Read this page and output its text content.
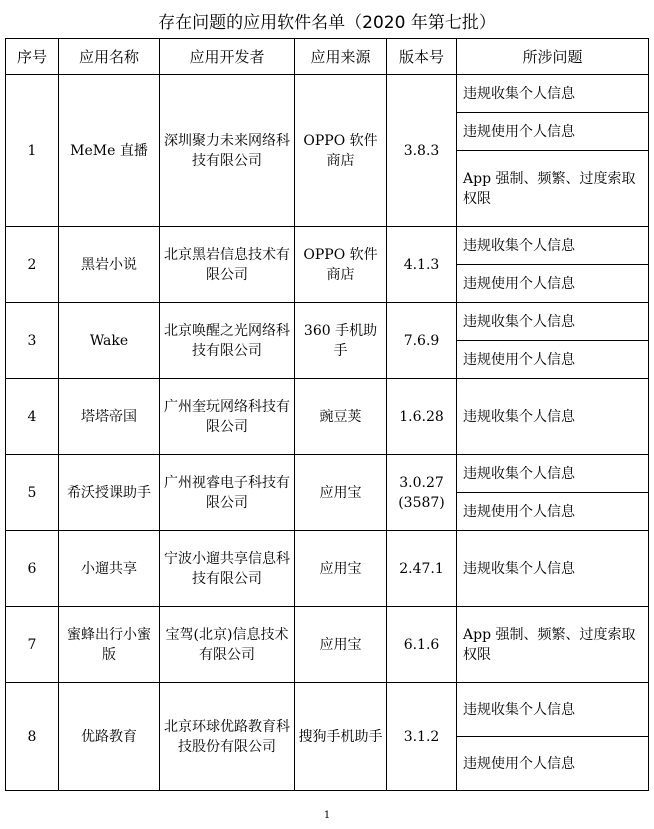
存在问题的应用软件名单（2020 年第七批）
序号	应用名称	应用开发者	应用来源	版本号	所涉问题
1	MeMe 直播	深圳聚力未来网络科技有限公司	OPPO 软件商店	3.8.3	违规收集个人信息
					违规使用个人信息
					App 强制、频繁、过度索取权限
2	黑岩小说	北京黑岩信息技术有限公司	OPPO 软件商店	4.1.3	违规收集个人信息
					违规使用个人信息
3	Wake	北京唤醒之光网络科技有限公司	360 手机助手	7.6.9	违规收集个人信息
					违规使用个人信息
4	塔塔帝国	广州奎玩网络科技有限公司	豌豆荚	1.6.28	违规收集个人信息
5	希沃授课助手	广州视睿电子科技有限公司	应用宝	3.0.27 (3587)	违规收集个人信息
					违规使用个人信息
6	小遛共享	宁波小遛共享信息科技有限公司	应用宝	2.47.1	违规收集个人信息
7	蜜蜂出行小蜜版	宝驾(北京)信息技术有限公司	应用宝	6.1.6	App 强制、频繁、过度索取权限
8	优路教育	北京环球优路教育科技股份有限公司	搜狗手机助手	3.1.2	违规收集个人信息
					违规使用个人信息
1
